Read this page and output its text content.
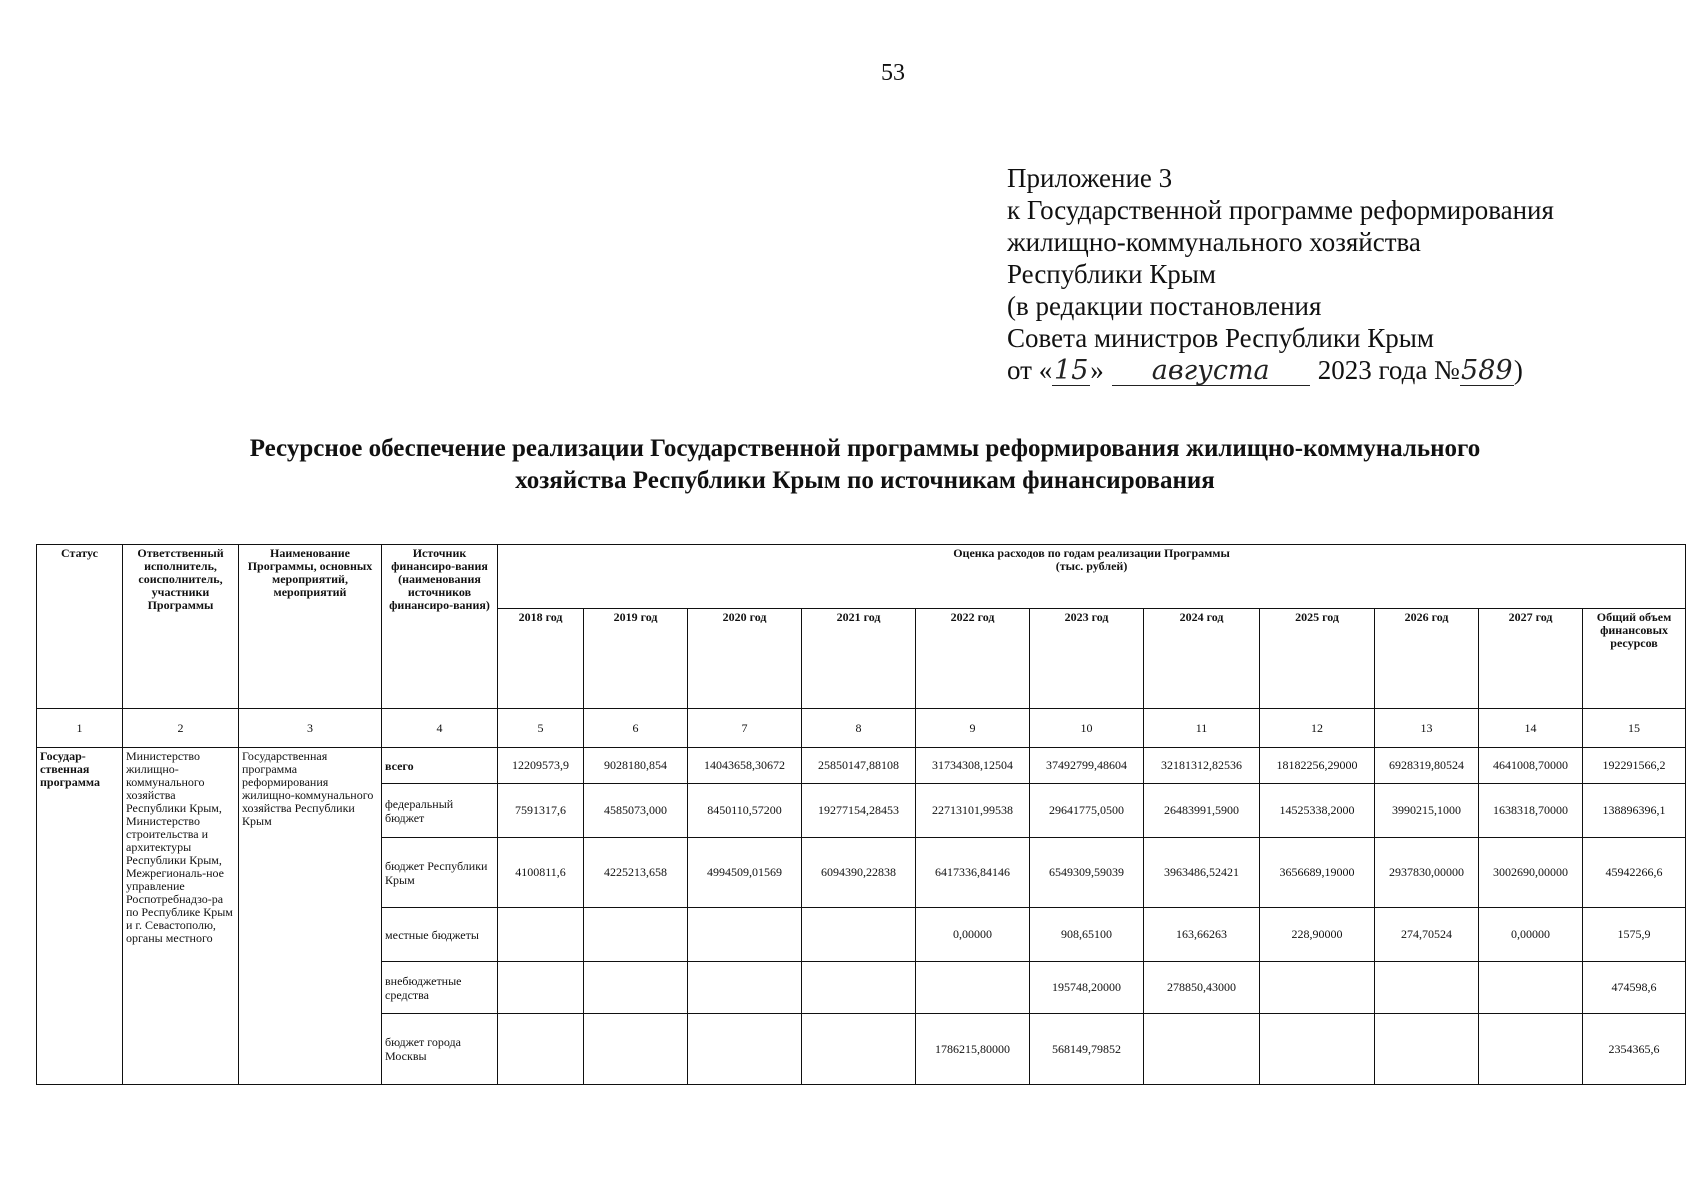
53
Приложение 3
к Государственной программе реформирования
жилищно-коммунального хозяйства
Республики Крым
(в редакции постановления
Совета министров Республики Крым
от «15» августа 2023 года №589)
Ресурсное обеспечение реализации Государственной программы реформирования жилищно-коммунального
хозяйства Республики Крым по источникам финансирования
Статус	Ответственный исполнитель, соисполнитель, участники Программы	Наименование Программы, основных мероприятий, мероприятий	Источник финансиро-вания (наименования источников финансиро-вания)	Оценка расходов по годам реализации Программы
(тыс. рублей)										

				2018 год	2019 год	2020 год	2021 год	2022 год	2023 год	2024 год	2025 год	2026 год	2027 год	Общий объем финансовых ресурсов
1	2	3	4	5	6	7	8	9	10	11	12	13	14	15
Государ-ственная программа	Министерство жилищно-коммунального хозяйства Республики Крым, Министерство строительства и архитектуры Республики Крым, Межрегиональ-ное управление Роспотребнадзо-ра по Республике Крым и г. Севастополю, органы местного	Государственная программа реформирования жилищно-коммунального хозяйства Республики Крым	всего	12209573,9	9028180,854	14043658,30672	25850147,88108	31734308,12504	37492799,48604	32181312,82536	18182256,29000	6928319,80524	4641008,70000	192291566,2
			федеральный бюджет	7591317,6	4585073,000	8450110,57200	19277154,28453	22713101,99538	29641775,0500	26483991,5900	14525338,2000	3990215,1000	1638318,70000	138896396,1
			бюджет Республики Крым	4100811,6	4225213,658	4994509,01569	6094390,22838	6417336,84146	6549309,59039	3963486,52421	3656689,19000	2937830,00000	3002690,00000	45942266,6
			местные бюджеты					0,00000	908,65100	163,66263	228,90000	274,70524	0,00000	1575,9
			внебюджетные средства						195748,20000	278850,43000				474598,6
			бюджет города Москвы					1786215,80000	568149,79852					2354365,6
